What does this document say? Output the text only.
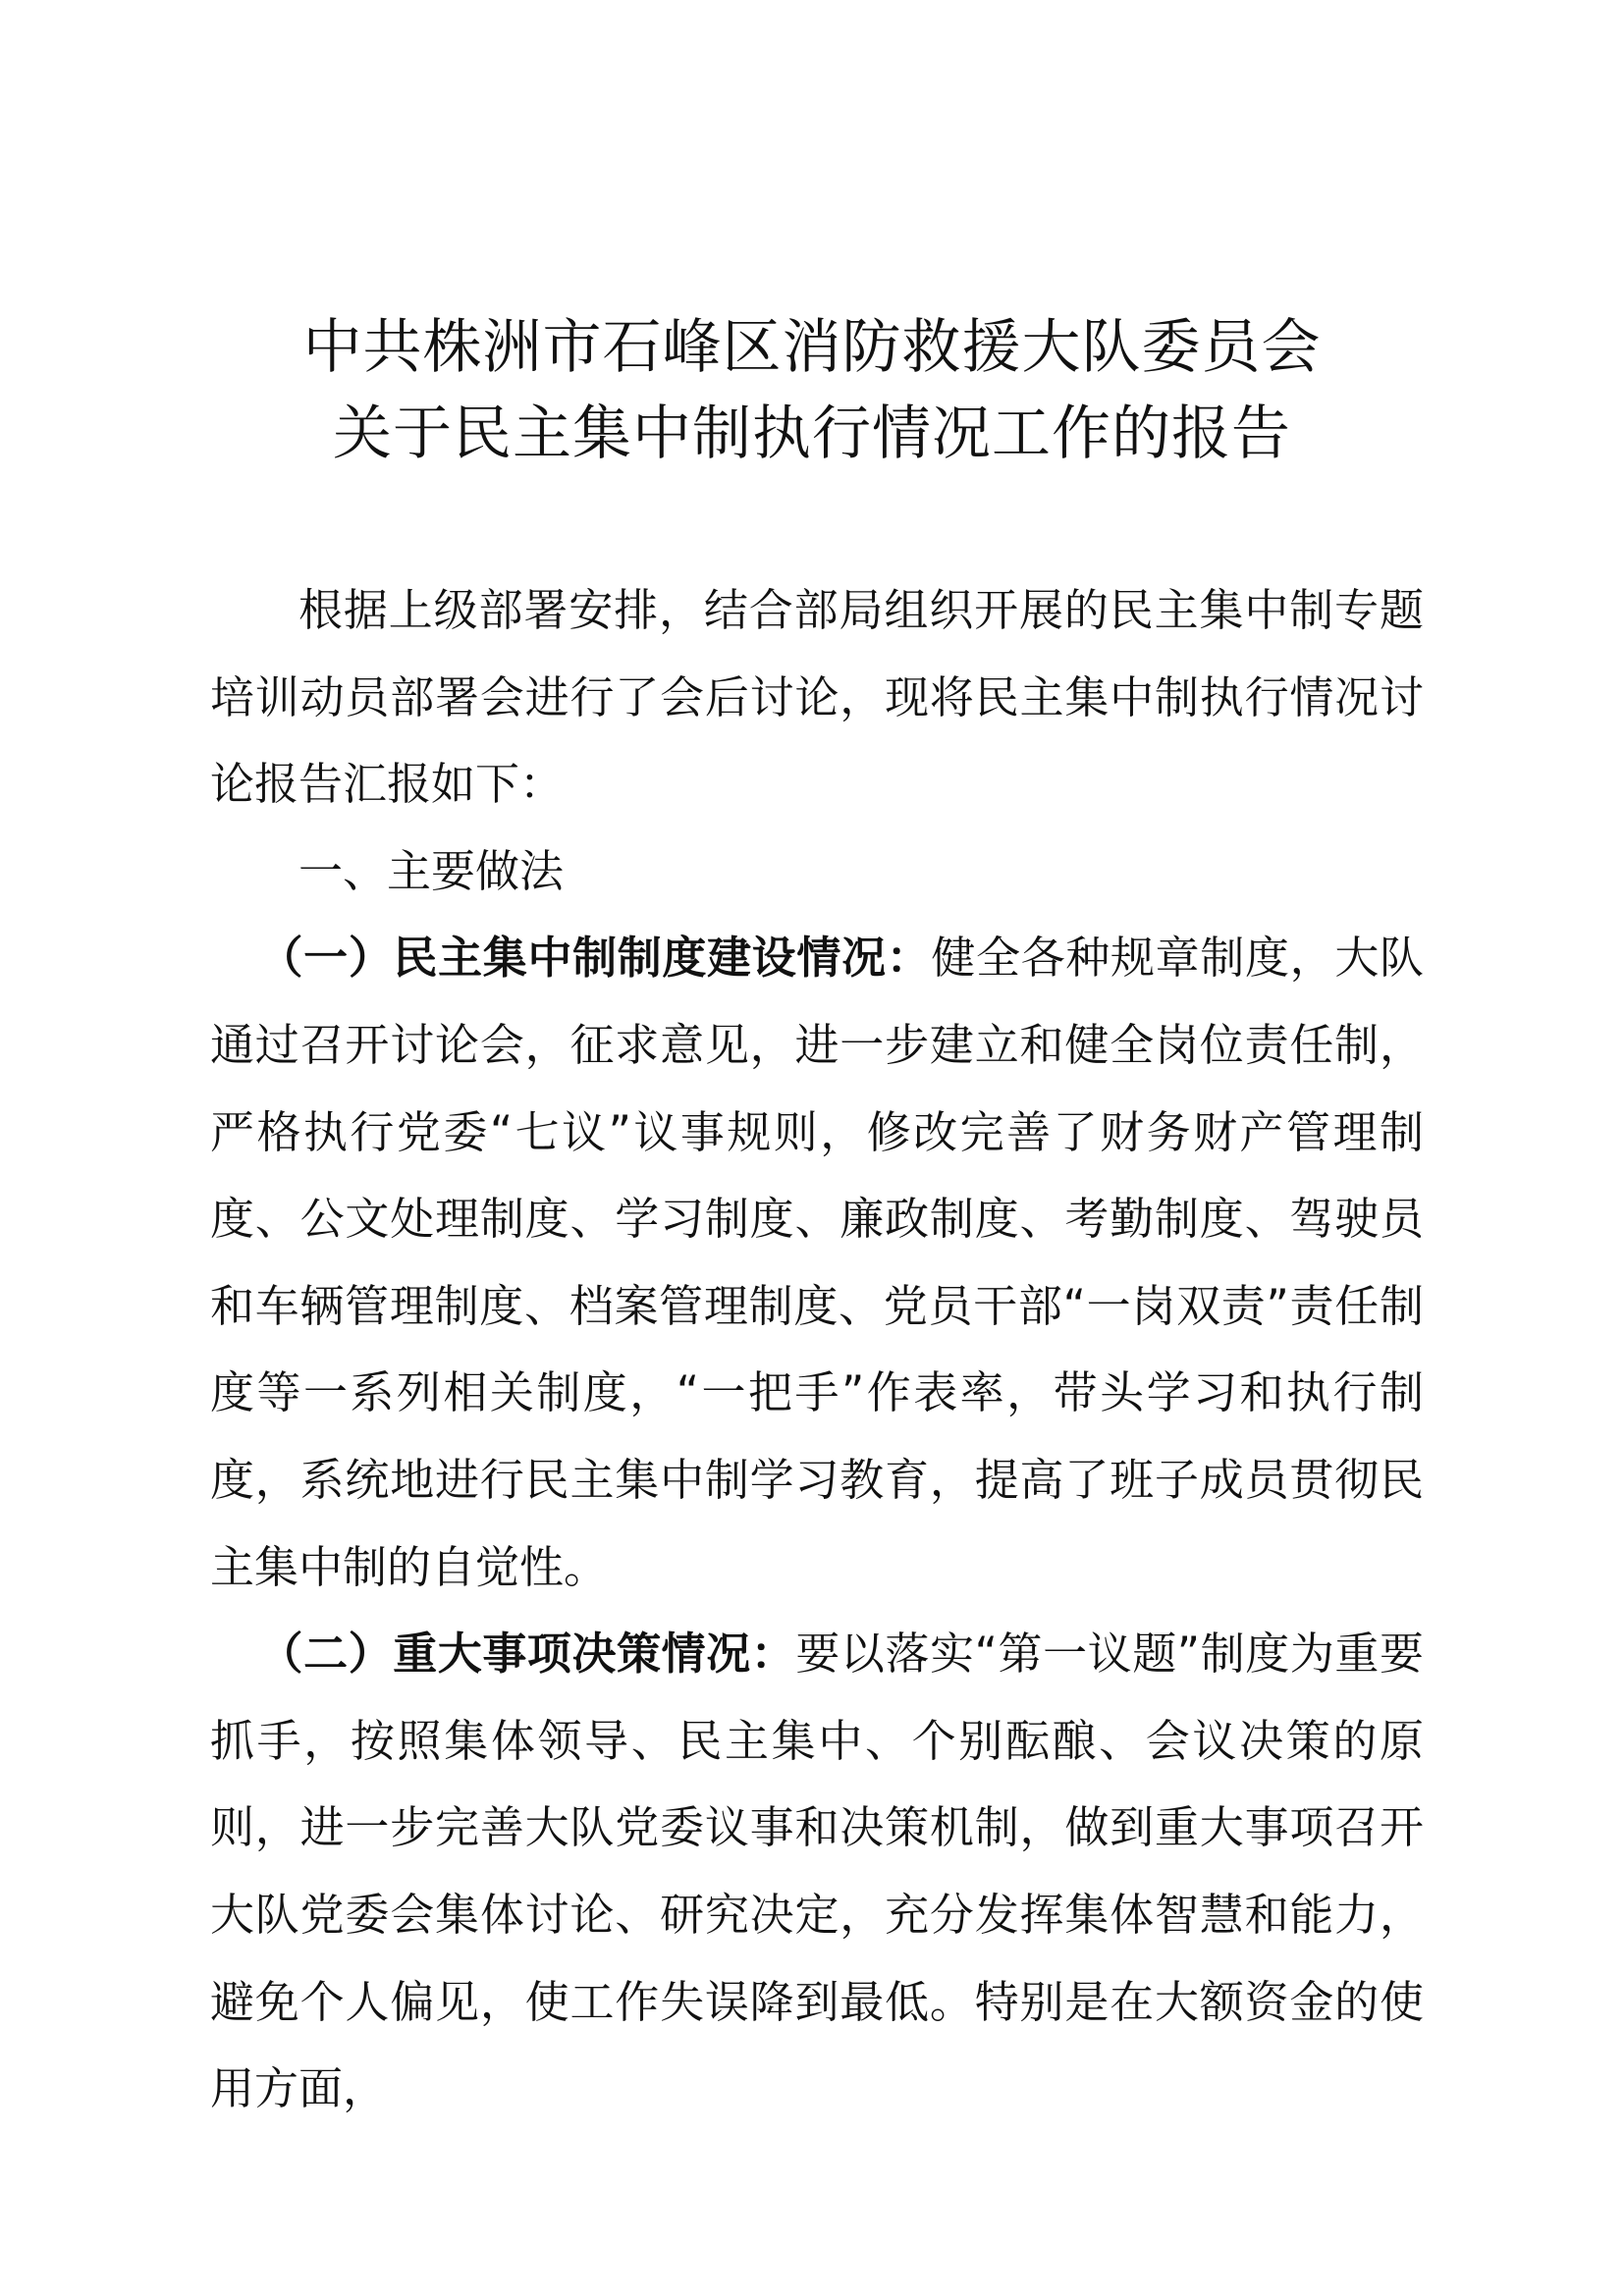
中共株洲市石峰区消防救援大队委员会
关于民主集中制执行情况工作的报告

根据上级部署安排，结合部局组织开展的民主集中制专题培训动员部署会进行了会后讨论，现将民主集中制执行情况讨论报告汇报如下：

一、主要做法

（一）民主集中制制度建设情况：健全各种规章制度，大队通过召开讨论会，征求意见，进一步建立和健全岗位责任制，严格执行党委“七议”议事规则，修改完善了财务财产管理制度、公文处理制度、学习制度、廉政制度、考勤制度、驾驶员和车辆管理制度、档案管理制度、党员干部“一岗双责”责任制度等一系列相关制度，“一把手”作表率，带头学习和执行制度，系统地进行民主集中制学习教育，提高了班子成员贯彻民主集中制的自觉性。

（二）重大事项决策情况：要以落实“第一议题”制度为重要抓手，按照集体领导、民主集中、个别酝酿、会议决策的原则，进一步完善大队党委议事和决策机制，做到重大事项召开大队党委会集体讨论、研究决定，充分发挥集体智慧和能力，避免个人偏见，使工作失误降到最低。特别是在大额资金的使用方面，
